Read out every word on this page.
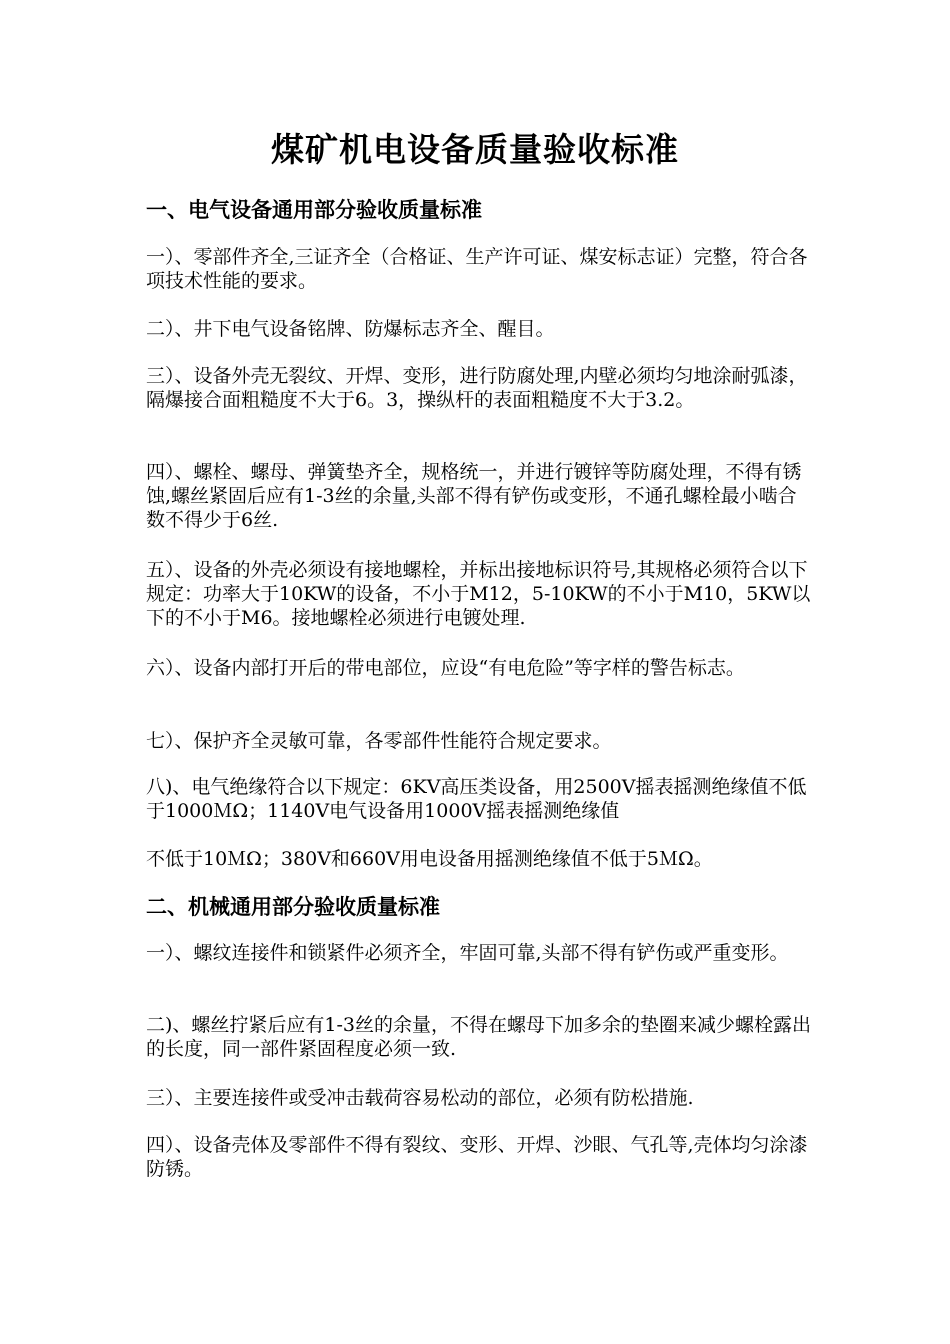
煤矿机电设备质量验收标准
一、电气设备通用部分验收质量标准

一）、零部件齐全,三证齐全（合格证、生产许可证、煤安标志证）完整，符合各项技术性能的要求。

二）、井下电气设备铭牌、防爆标志齐全、醒目。

三）、设备外壳无裂纹、开焊、变形，进行防腐处理,内壁必须均匀地涂耐弧漆，隔爆接合面粗糙度不大于6。3，操纵杆的表面粗糙度不大于3.2。

四）、螺栓、螺母、弹簧垫齐全，规格统一，并进行镀锌等防腐处理，不得有锈蚀,螺丝紧固后应有1-3丝的余量,头部不得有铲伤或变形，不通孔螺栓最小啮合数不得少于6丝.

五）、设备的外壳必须设有接地螺栓，并标出接地标识符号,其规格必须符合以下规定：功率大于10KW的设备，不小于M12，5-10KW的不小于M10，5KW以下的不小于M6。接地螺栓必须进行电镀处理.

六）、设备内部打开后的带电部位，应设“有电危险”等字样的警告标志。

七）、保护齐全灵敏可靠，各零部件性能符合规定要求。

八)、电气绝缘符合以下规定：6KV高压类设备，用2500V摇表摇测绝缘值不低于1000ＭΩ；1140V电气设备用1000V摇表摇测绝缘值

不低于10ＭΩ；380V和660V用电设备用摇测绝缘值不低于5ＭΩ。

二、机械通用部分验收质量标准

一）、螺纹连接件和锁紧件必须齐全，牢固可靠,头部不得有铲伤或严重变形。

二)、螺丝拧紧后应有1-3丝的余量，不得在螺母下加多余的垫圈来减少螺栓露出的长度，同一部件紧固程度必须一致.

三）、主要连接件或受冲击载荷容易松动的部位，必须有防松措施.

四）、设备壳体及零部件不得有裂纹、变形、开焊、沙眼、气孔等,壳体均匀涂漆防锈。
